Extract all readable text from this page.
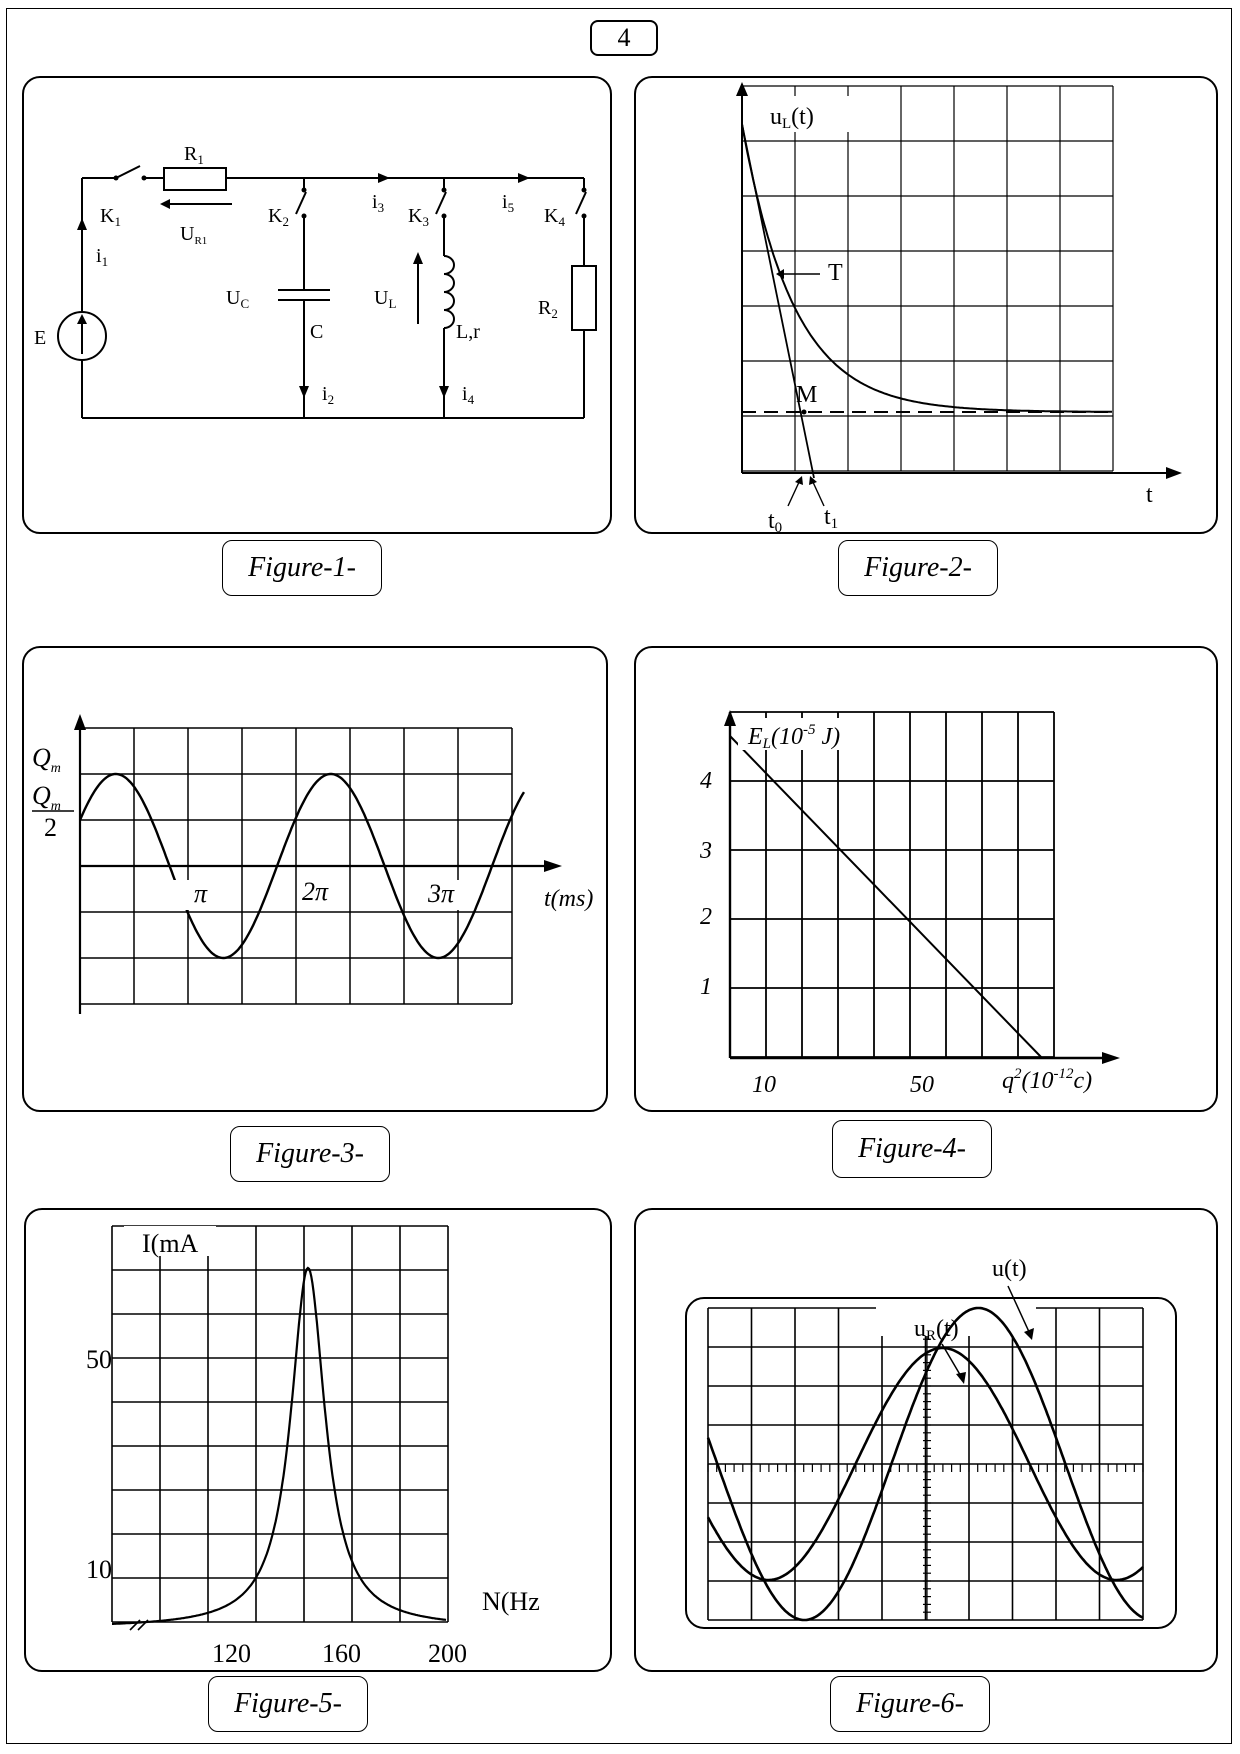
4
E
$K_1$
$i_1$
$R_1$
$U_{R1}$
$K_2$
$i_3$ $K_3$
$i_5$ $K_4$
$U_C$
C
$U_L$
L,r
$R_2$
$i_2$	$i_4$
Figure-1-
uL(t)
t
T
M
t0 t1
Figure-2-
$Q_m$
$Q_m$
2
π	2π	3π	t(ms)
Figure-3-
$EL(10^{-5}$ J)
4
3
2
1
10	50	$q^2(10^{-12}c)$
Figure-4-
I(mA
N(Hz
50
10
120	160	200
Figure-5-
u(t)
uR(t)
Figure-6-
